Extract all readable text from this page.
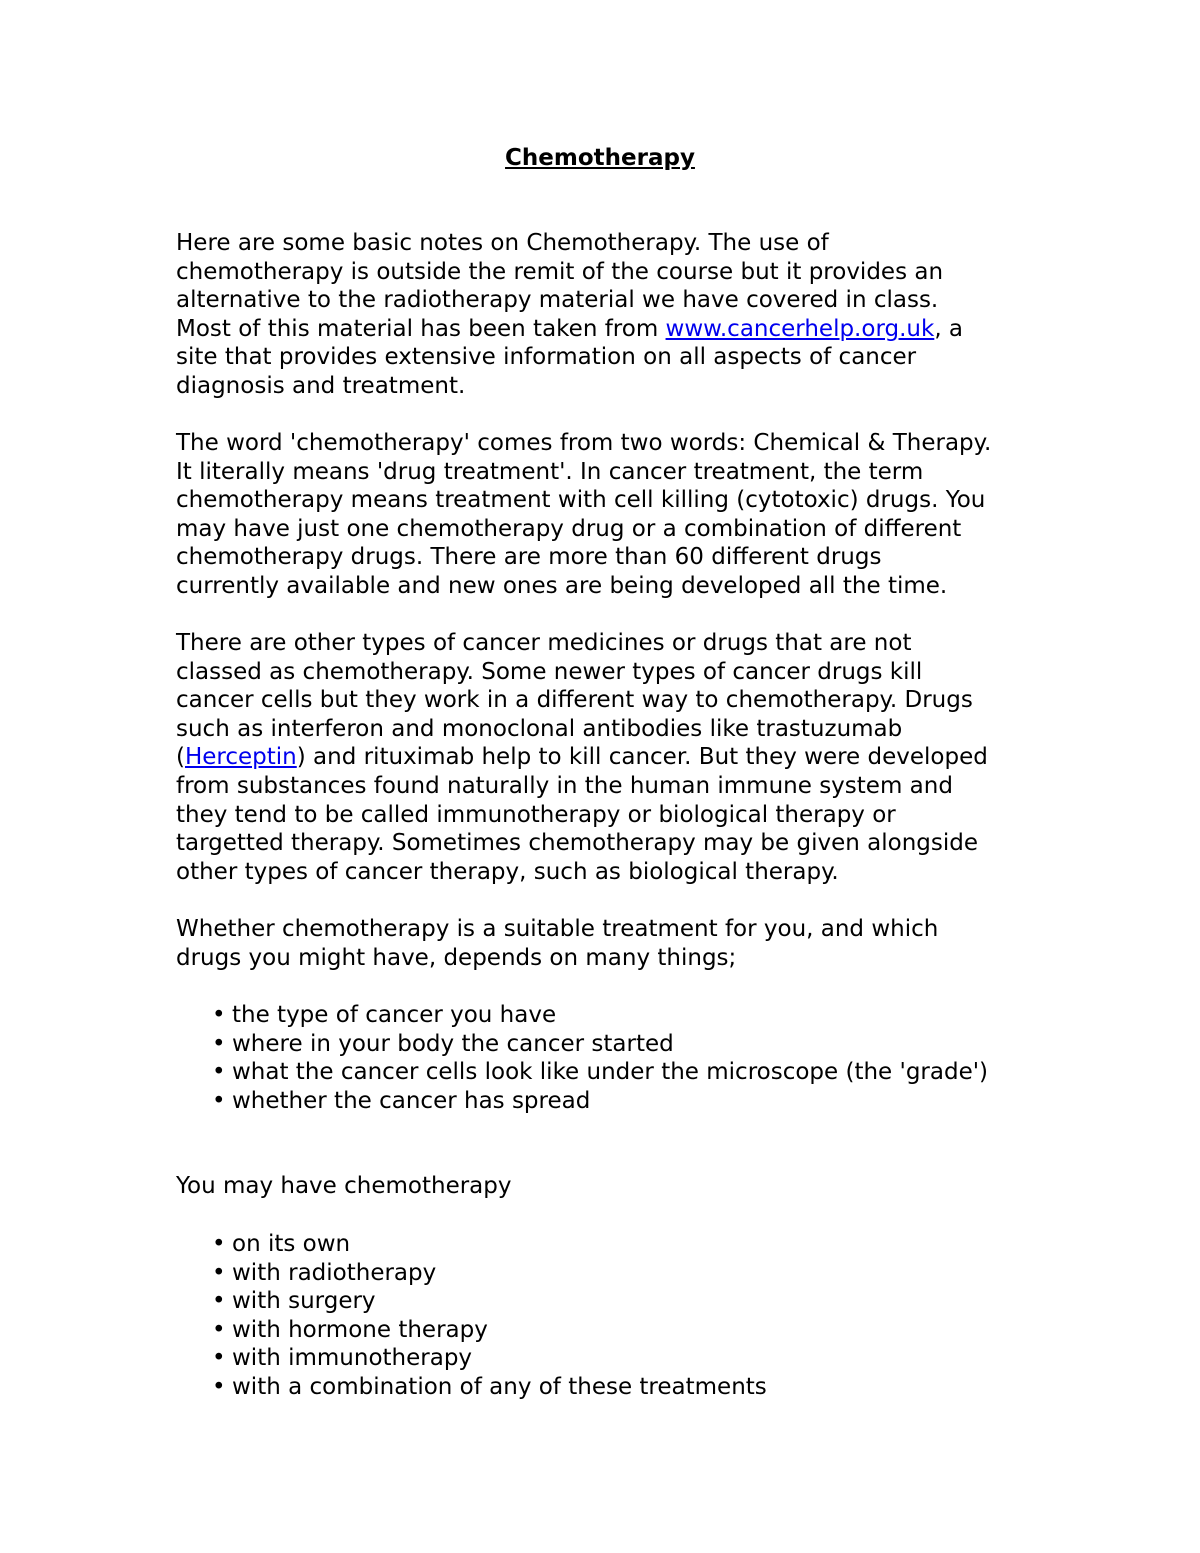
Chemotherapy
Here are some basic notes on Chemotherapy. The use of
chemotherapy is outside the remit of the course but it provides an
alternative to the radiotherapy material we have covered in class.
Most of this material has been taken from www.cancerhelp.org.uk, a
site that provides extensive information on all aspects of cancer
diagnosis and treatment.
The word 'chemotherapy' comes from two words: Chemical & Therapy.
It literally means 'drug treatment'. In cancer treatment, the term
chemotherapy means treatment with cell killing (cytotoxic) drugs. You
may have just one chemotherapy drug or a combination of different
chemotherapy drugs. There are more than 60 different drugs
currently available and new ones are being developed all the time.
There are other types of cancer medicines or drugs that are not
classed as chemotherapy. Some newer types of cancer drugs kill
cancer cells but they work in a different way to chemotherapy. Drugs
such as interferon and monoclonal antibodies like trastuzumab
(Herceptin) and rituximab help to kill cancer. But they were developed
from substances found naturally in the human immune system and
they tend to be called immunotherapy or biological therapy or
targetted therapy. Sometimes chemotherapy may be given alongside
other types of cancer therapy, such as biological therapy.
Whether chemotherapy is a suitable treatment for you, and which
drugs you might have, depends on many things;
• the type of cancer you have
• where in your body the cancer started
• what the cancer cells look like under the microscope (the 'grade')
• whether the cancer has spread
You may have chemotherapy
• on its own
• with radiotherapy
• with surgery
• with hormone therapy
• with immunotherapy
• with a combination of any of these treatments
